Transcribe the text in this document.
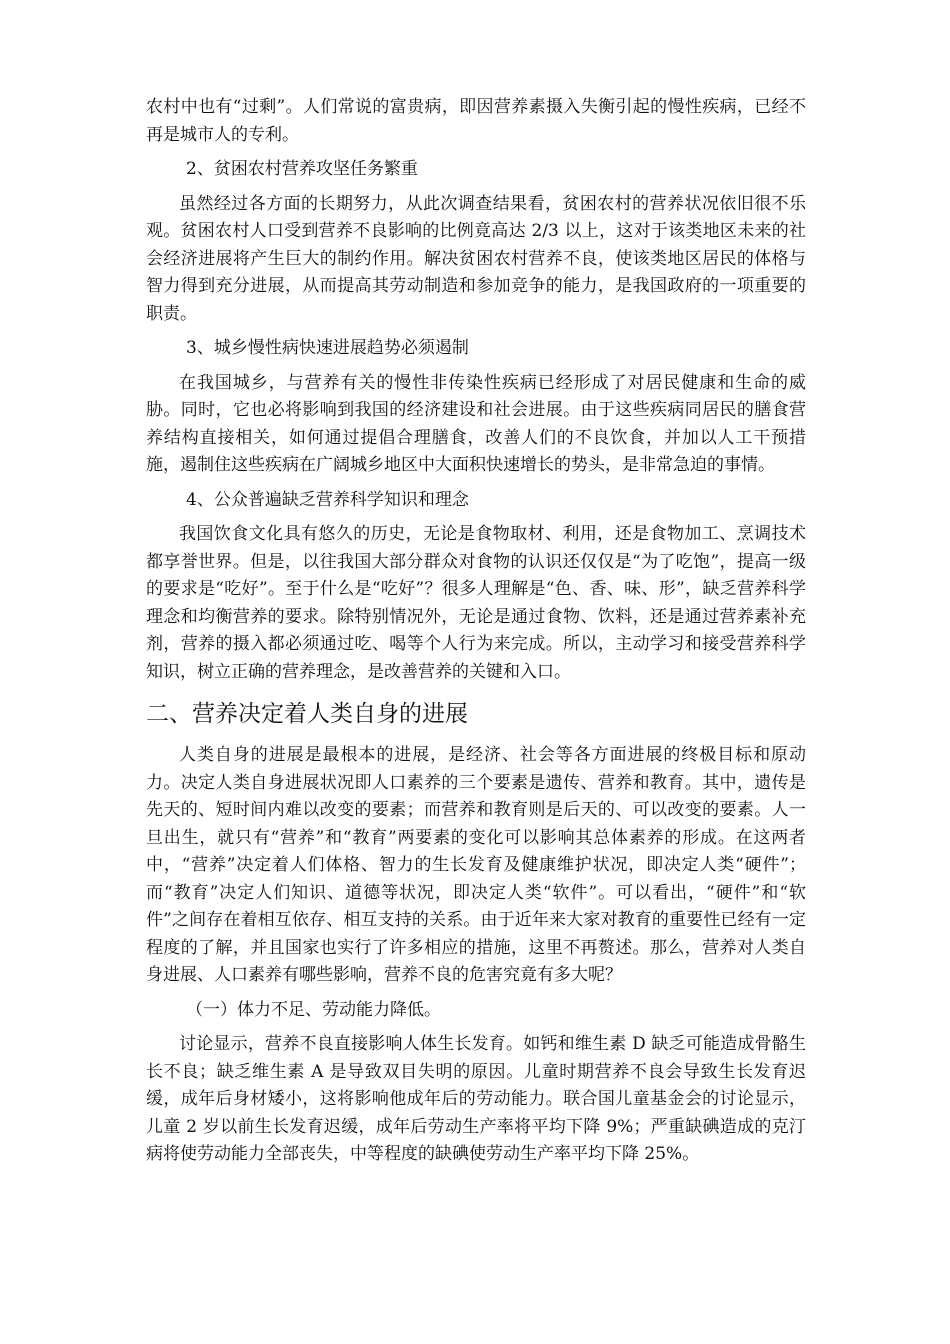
农村中也有“过剩”。人们常说的富贵病，即因营养素摄入失衡引起的慢性疾病，已经不再是城市人的专利。

2、贫困农村营养攻坚任务繁重

虽然经过各方面的长期努力，从此次调查结果看，贫困农村的营养状况依旧很不乐观。贫困农村人口受到营养不良影响的比例竟高达 2/3 以上，这对于该类地区未来的社会经济进展将产生巨大的制约作用。解决贫困农村营养不良，使该类地区居民的体格与智力得到充分进展，从而提高其劳动制造和参加竞争的能力，是我国政府的一项重要的职责。

3、城乡慢性病快速进展趋势必须遏制

在我国城乡，与营养有关的慢性非传染性疾病已经形成了对居民健康和生命的威胁。同时，它也必将影响到我国的经济建设和社会进展。由于这些疾病同居民的膳食营养结构直接相关，如何通过提倡合理膳食，改善人们的不良饮食，并加以人工干预措施，遏制住这些疾病在广阔城乡地区中大面积快速增长的势头，是非常急迫的事情。

4、公众普遍缺乏营养科学知识和理念

我国饮食文化具有悠久的历史，无论是食物取材、利用，还是食物加工、烹调技术都享誉世界。但是，以往我国大部分群众对食物的认识还仅仅是“为了吃饱”，提高一级的要求是“吃好”。至于什么是“吃好”？很多人理解是“色、香、味、形”，缺乏营养科学理念和均衡营养的要求。除特别情况外，无论是通过食物、饮料，还是通过营养素补充剂，营养的摄入都必须通过吃、喝等个人行为来完成。所以，主动学习和接受营养科学知识，树立正确的营养理念，是改善营养的关键和入口。

二、营养决定着人类自身的进展

人类自身的进展是最根本的进展，是经济、社会等各方面进展的终极目标和原动力。决定人类自身进展状况即人口素养的三个要素是遗传、营养和教育。其中，遗传是先天的、短时间内难以改变的要素；而营养和教育则是后天的、可以改变的要素。人一旦出生，就只有“营养”和“教育”两要素的变化可以影响其总体素养的形成。在这两者中，“营养”决定着人们体格、智力的生长发育及健康维护状况，即决定人类“硬件”；而“教育”决定人们知识、道德等状况，即决定人类“软件”。可以看出，“硬件”和“软件”之间存在着相互依存、相互支持的关系。由于近年来大家对教育的重要性已经有一定程度的了解，并且国家也实行了许多相应的措施，这里不再赘述。那么，营养对人类自身进展、人口素养有哪些影响，营养不良的危害究竟有多大呢？

（一）体力不足、劳动能力降低。

讨论显示，营养不良直接影响人体生长发育。如钙和维生素 D 缺乏可能造成骨骼生长不良；缺乏维生素 A 是导致双目失明的原因。儿童时期营养不良会导致生长发育迟缓，成年后身材矮小，这将影响他成年后的劳动能力。联合国儿童基金会的讨论显示，儿童 2 岁以前生长发育迟缓，成年后劳动生产率将平均下降 9%；严重缺碘造成的克汀病将使劳动能力全部丧失，中等程度的缺碘使劳动生产率平均下降 25%。
